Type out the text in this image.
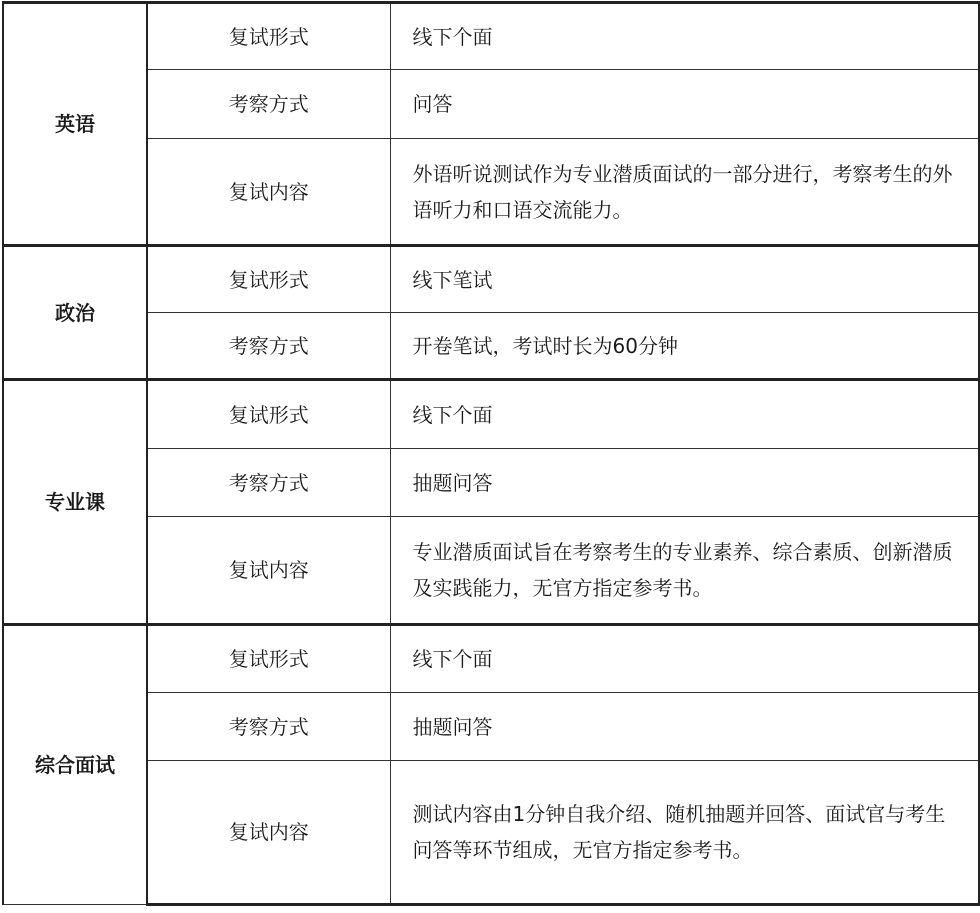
英语	复试形式	线下个面
	考察方式	问答
	复试内容	外语听说测试作为专业潜质面试的一部分进行，考察考生的外语听力和口语交流能力。
政治	复试形式	线下笔试
	考察方式	开卷笔试，考试时长为60分钟
专业课	复试形式	线下个面
	考察方式	抽题问答
	复试内容	专业潜质面试旨在考察考生的专业素养、综合素质、创新潜质及实践能力，无官方指定参考书。
综合面试	复试形式	线下个面
	考察方式	抽题问答
	复试内容	测试内容由1分钟自我介绍、随机抽题并回答、面试官与考生问答等环节组成，无官方指定参考书。
